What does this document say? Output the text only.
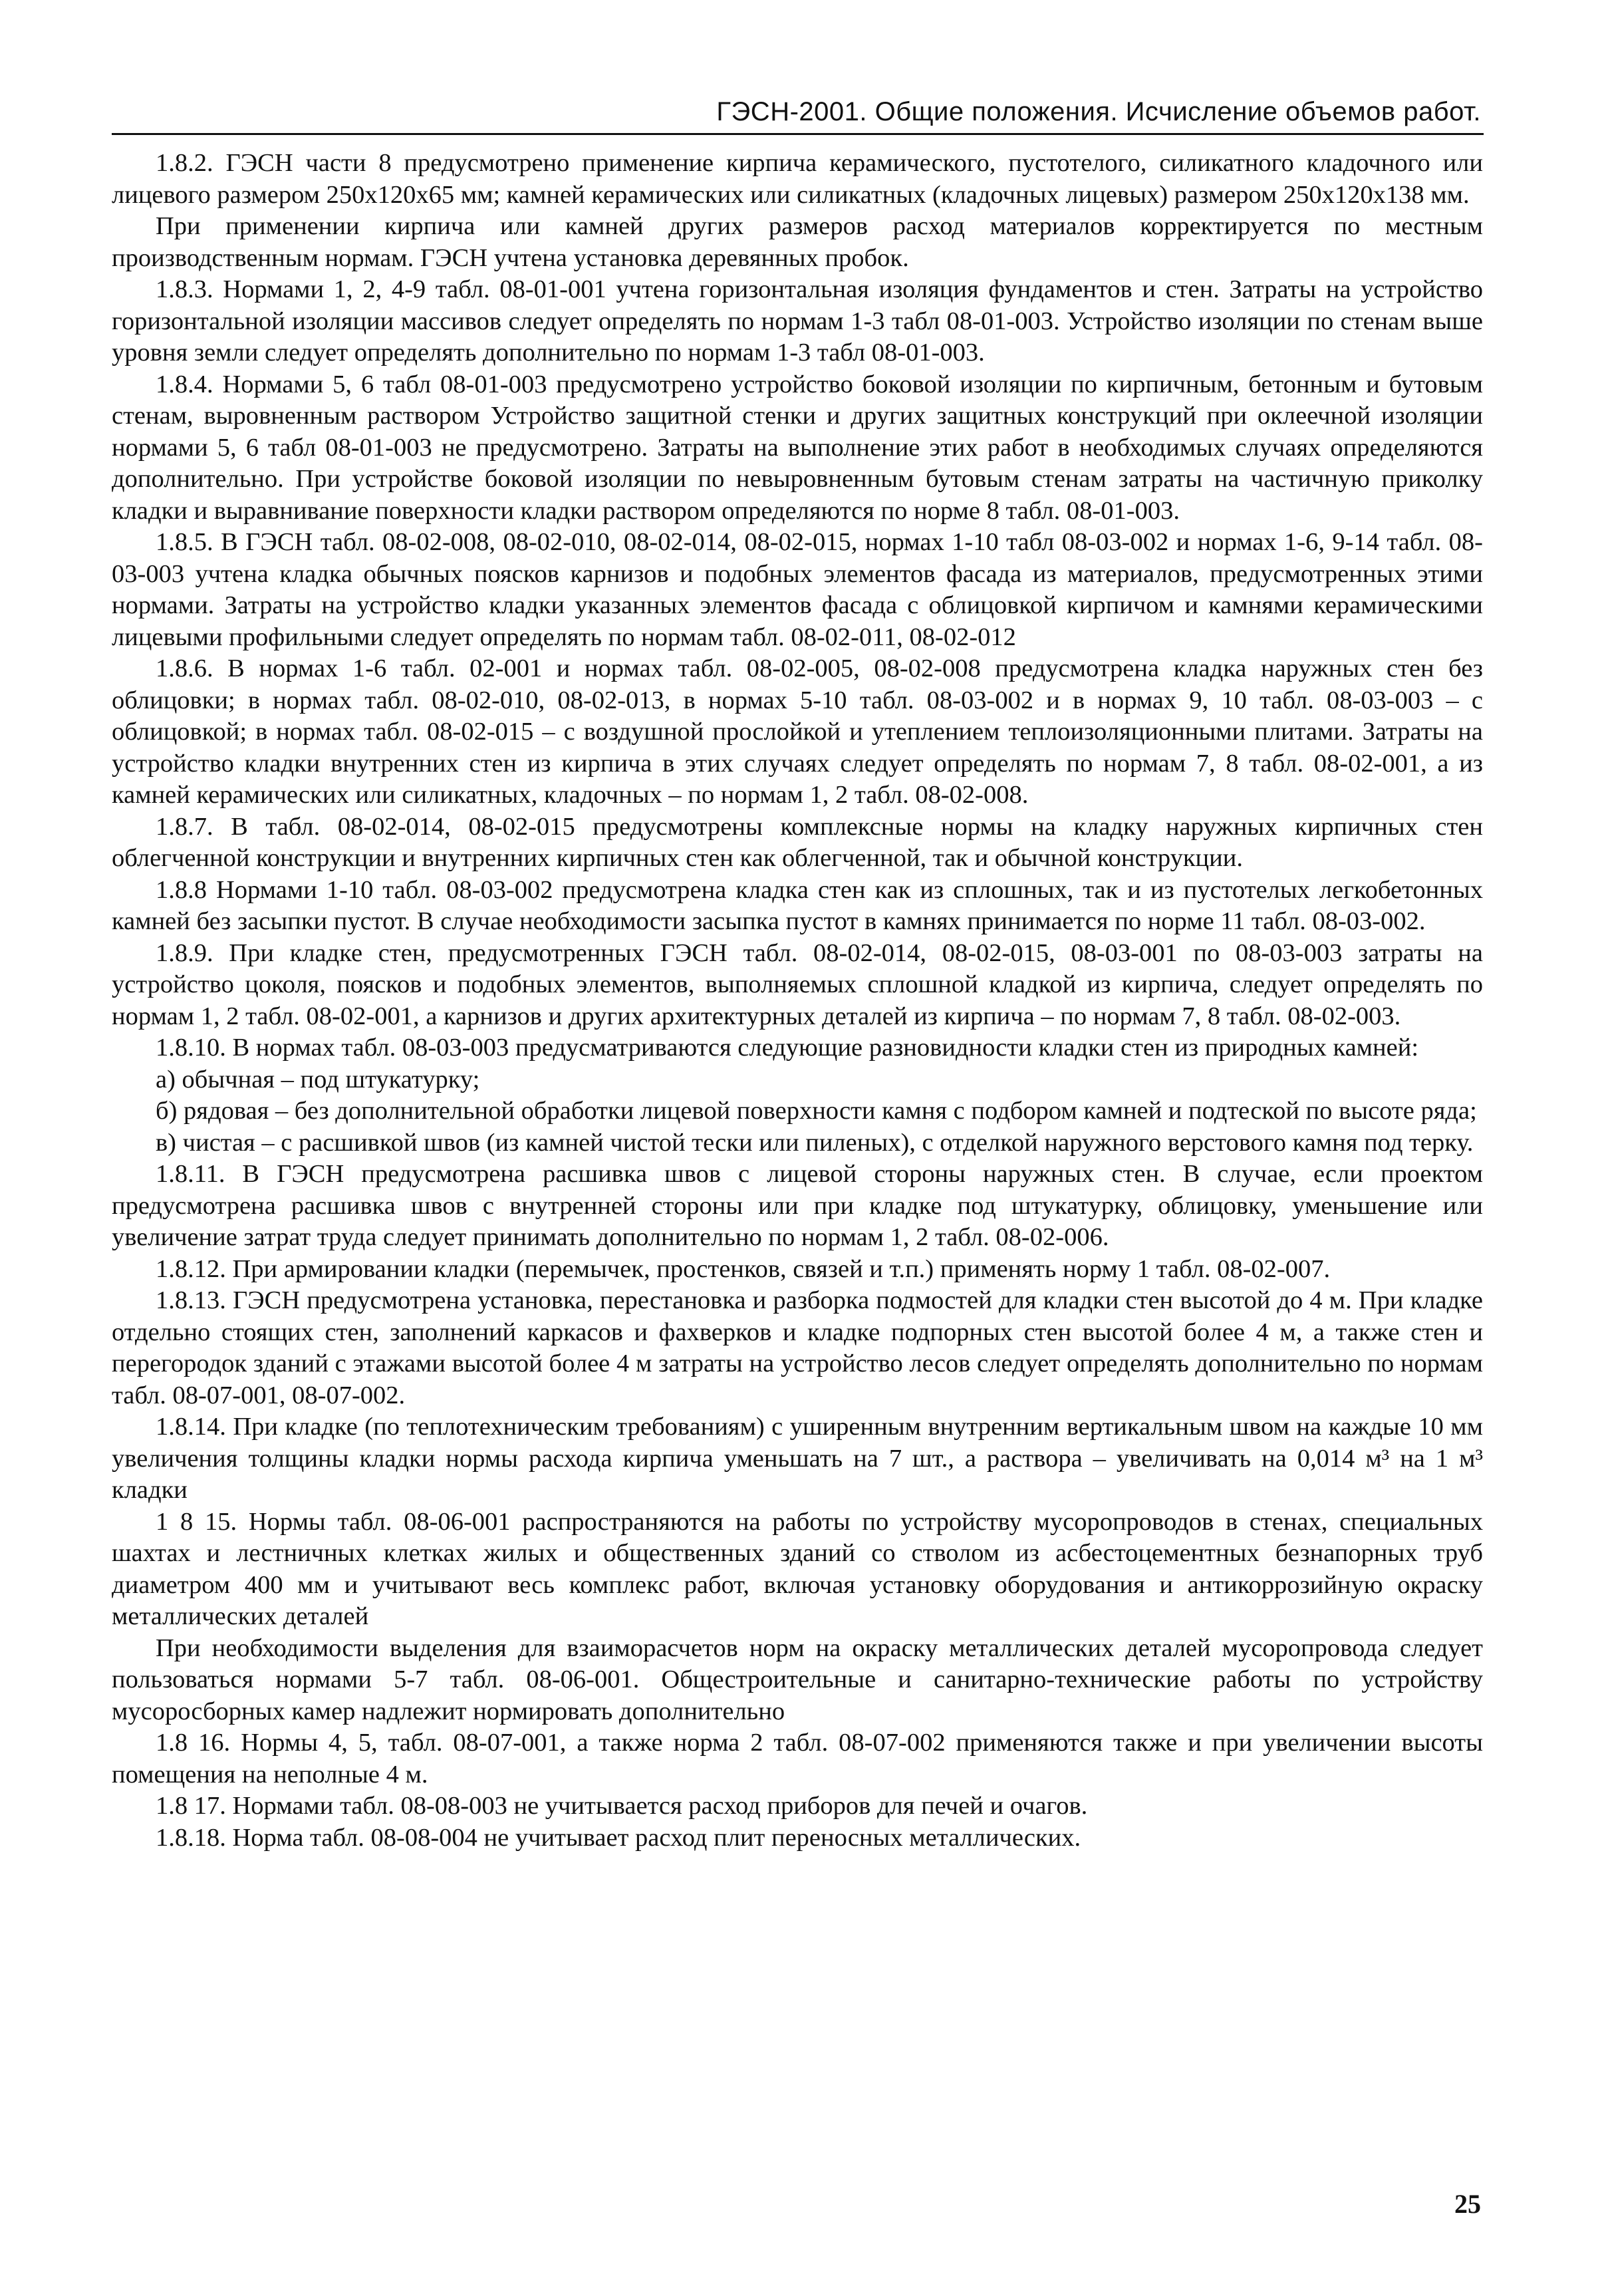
ГЭСН-2001. Общие положения. Исчисление объемов работ.

1.8.2. ГЭСН части 8 предусмотрено применение кирпича керамического, пустотелого, силикатного кладочного или лицевого размером 250х120х65 мм; камней керамических или силикатных (кладочных лицевых) размером 250х120х138 мм.

При применении кирпича или камней других размеров расход материалов корректируется по местным производственным нормам. ГЭСН учтена установка деревянных пробок.

1.8.3. Нормами 1, 2, 4-9 табл. 08-01-001 учтена горизонтальная изоляция фундаментов и стен. Затраты на устройство горизонтальной изоляции массивов следует определять по нормам 1-3 табл 08-01-003. Устройство изоляции по стенам выше уровня земли следует определять дополнительно по нормам 1-3 табл 08-01-003.

1.8.4. Нормами 5, 6 табл 08-01-003 предусмотрено устройство боковой изоляции по кирпичным, бетонным и бутовым стенам, выровненным раствором Устройство защитной стенки и других защитных конструкций при оклеечной изоляции нормами 5, 6 табл 08-01-003 не предусмотрено. Затраты на выполнение этих работ в необходимых случаях определяются дополнительно. При устройстве боковой изоляции по невыровненным бутовым стенам затраты на частичную приколку кладки и выравнивание поверхности кладки раствором определяются по норме 8 табл. 08-01-003.

1.8.5. В ГЭСН табл. 08-02-008, 08-02-010, 08-02-014, 08-02-015, нормах 1-10 табл 08-03-002 и нормах 1-6, 9-14 табл. 08-03-003 учтена кладка обычных поясков карнизов и подобных элементов фасада из материалов, предусмотренных этими нормами. Затраты на устройство кладки указанных элементов фасада с облицовкой кирпичом и камнями керамическими лицевыми профильными следует определять по нормам табл. 08-02-011, 08-02-012

1.8.6. В нормах 1-6 табл. 02-001 и нормах табл. 08-02-005, 08-02-008 предусмотрена кладка наружных стен без облицовки; в нормах табл. 08-02-010, 08-02-013, в нормах 5-10 табл. 08-03-002 и в нормах 9, 10 табл. 08-03-003 – с облицовкой; в нормах табл. 08-02-015 – с воздушной прослойкой и утеплением теплоизоляционными плитами. Затраты на устройство кладки внутренних стен из кирпича в этих случаях следует определять по нормам 7, 8 табл. 08-02-001, а из камней керамических или силикатных, кладочных – по нормам 1, 2 табл. 08-02-008.

1.8.7. В табл. 08-02-014, 08-02-015 предусмотрены комплексные нормы на кладку наружных кирпичных стен облегченной конструкции и внутренних кирпичных стен как облегченной, так и обычной конструкции.

1.8.8 Нормами 1-10 табл. 08-03-002 предусмотрена кладка стен как из сплошных, так и из пустотелых легкобетонных камней без засыпки пустот. В случае необходимости засыпка пустот в камнях принимается по норме 11 табл. 08-03-002.

1.8.9. При кладке стен, предусмотренных ГЭСН табл. 08-02-014, 08-02-015, 08-03-001 по 08-03-003 затраты на устройство цоколя, поясков и подобных элементов, выполняемых сплошной кладкой из кирпича, следует определять по нормам 1, 2 табл. 08-02-001, а карнизов и других архитектурных деталей из кирпича – по нормам 7, 8 табл. 08-02-003.

1.8.10. В нормах табл. 08-03-003 предусматриваются следующие разновидности кладки стен из природных камней:

а) обычная – под штукатурку;

б) рядовая – без дополнительной обработки лицевой поверхности камня с подбором камней и подтеской по высоте ряда;

в) чистая – с расшивкой швов (из камней чистой тески или пиленых), с отделкой наружного верстового камня под терку.

1.8.11. В ГЭСН предусмотрена расшивка швов с лицевой стороны наружных стен. В случае, если проектом предусмотрена расшивка швов с внутренней стороны или при кладке под штукатурку, облицовку, уменьшение или увеличение затрат труда следует принимать дополнительно по нормам 1, 2 табл. 08-02-006.

1.8.12. При армировании кладки (перемычек, простенков, связей и т.п.) применять норму 1 табл. 08-02-007.

1.8.13. ГЭСН предусмотрена установка, перестановка и разборка подмостей для кладки стен высотой до 4 м. При кладке отдельно стоящих стен, заполнений каркасов и фахверков и кладке подпорных стен высотой более 4 м, а также стен и перегородок зданий с этажами высотой более 4 м затраты на устройство лесов следует определять дополнительно по нормам табл. 08-07-001, 08-07-002.

1.8.14. При кладке (по теплотехническим требованиям) с уширенным внутренним вертикальным швом на каждые 10 мм увеличения толщины кладки нормы расхода кирпича уменьшать на 7 шт., а раствора – увеличивать на 0,014 м³ на 1 м³ кладки

1 8 15. Нормы табл. 08-06-001 распространяются на работы по устройству мусоропроводов в стенах, специальных шахтах и лестничных клетках жилых и общественных зданий со стволом из асбестоцементных безнапорных труб диаметром 400 мм и учитывают весь комплекс работ, включая установку оборудования и антикоррозийную окраску металлических деталей

При необходимости выделения для взаиморасчетов норм на окраску металлических деталей мусоропровода следует пользоваться нормами 5-7 табл. 08-06-001. Общестроительные и санитарно-технические работы по устройству мусоросборных камер надлежит нормировать дополнительно

1.8 16. Нормы 4, 5, табл. 08-07-001, а также норма 2 табл. 08-07-002 применяются также и при увеличении высоты помещения на неполные 4 м.

1.8 17. Нормами табл. 08-08-003 не учитывается расход приборов для печей и очагов.

1.8.18. Норма табл. 08-08-004 не учитывает расход плит переносных металлических.

25
